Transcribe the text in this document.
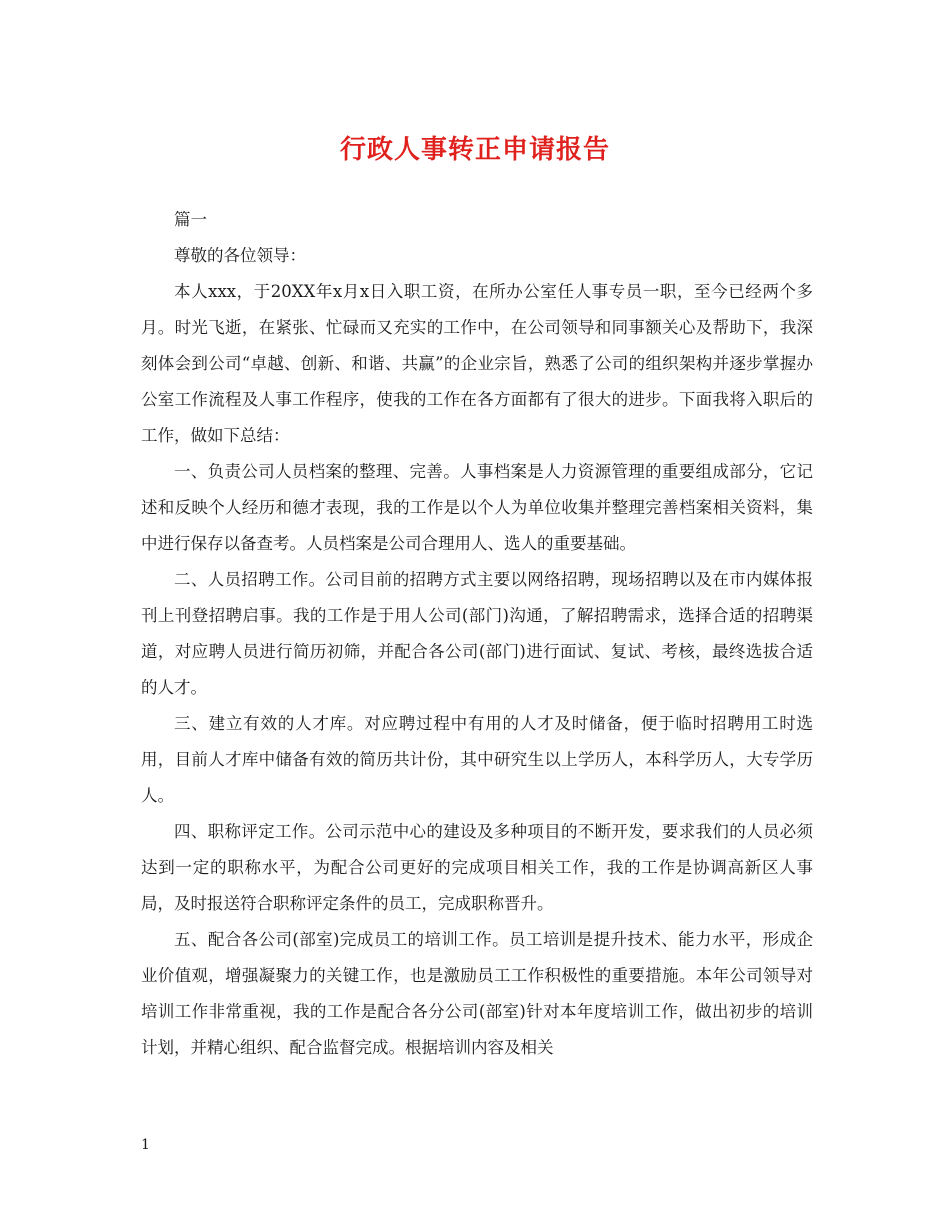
行政人事转正申请报告

篇一

尊敬的各位领导：

本人xxx，于20XX年x月x日入职工资，在所办公室任人事专员一职，至今已经两个多月。时光飞逝，在紧张、忙碌而又充实的工作中，在公司领导和同事额关心及帮助下，我深刻体会到公司“卓越、创新、和谐、共赢”的企业宗旨，熟悉了公司的组织架构并逐步掌握办公室工作流程及人事工作程序，使我的工作在各方面都有了很大的进步。下面我将入职后的工作，做如下总结：

一、负责公司人员档案的整理、完善。人事档案是人力资源管理的重要组成部分，它记述和反映个人经历和德才表现，我的工作是以个人为单位收集并整理完善档案相关资料，集中进行保存以备查考。人员档案是公司合理用人、选人的重要基础。

二、人员招聘工作。公司目前的招聘方式主要以网络招聘，现场招聘以及在市内媒体报刊上刊登招聘启事。我的工作是于用人公司(部门)沟通，了解招聘需求，选择合适的招聘渠道，对应聘人员进行简历初筛，并配合各公司(部门)进行面试、复试、考核，最终选拔合适的人才。

三、建立有效的人才库。对应聘过程中有用的人才及时储备，便于临时招聘用工时选用，目前人才库中储备有效的简历共计份，其中研究生以上学历人，本科学历人，大专学历人。

四、职称评定工作。公司示范中心的建设及多种项目的不断开发，要求我们的人员必须达到一定的职称水平，为配合公司更好的完成项目相关工作，我的工作是协调高新区人事局，及时报送符合职称评定条件的员工，完成职称晋升。

五、配合各公司(部室)完成员工的培训工作。员工培训是提升技术、能力水平，形成企业价值观，增强凝聚力的关键工作，也是激励员工工作积极性的重要措施。本年公司领导对培训工作非常重视，我的工作是配合各分公司(部室)针对本年度培训工作，做出初步的培训计划，并精心组织、配合监督完成。根据培训内容及相关

1
